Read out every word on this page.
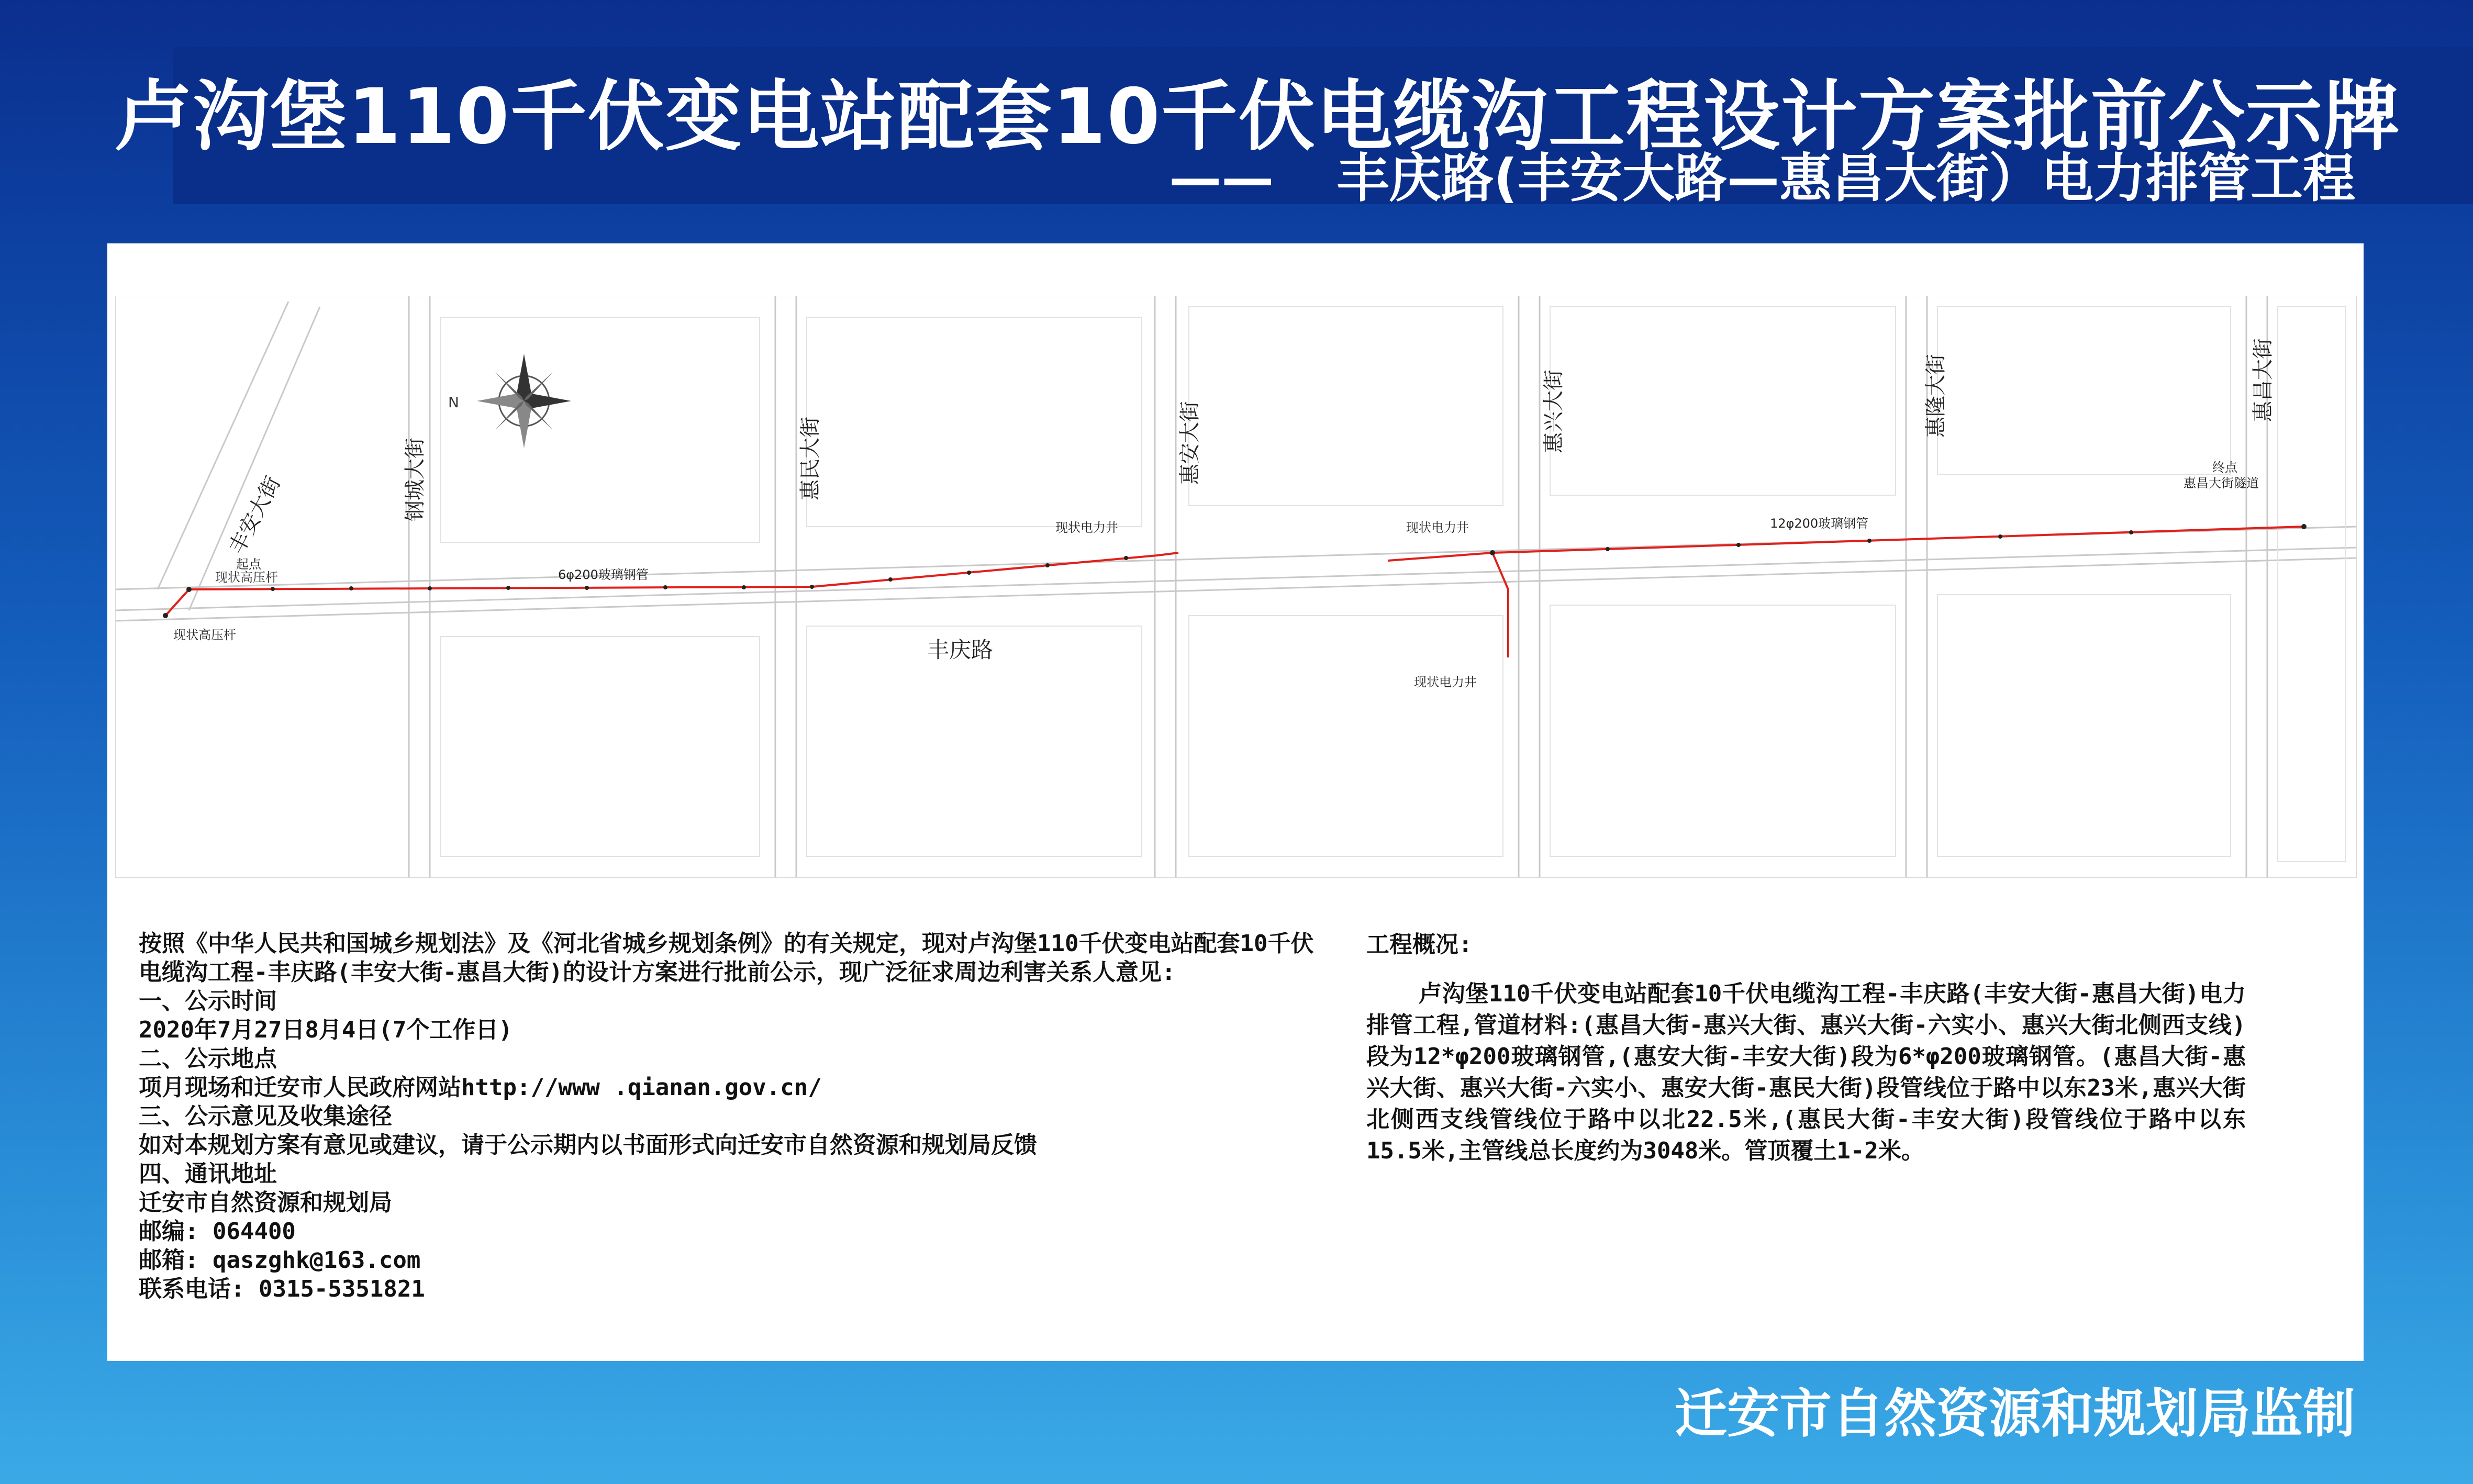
卢沟堡110千伏变电站配套10千伏电缆沟工程设计方案批前公示牌
—— 丰庆路(丰安大路—惠昌大街）电力排管工程
N
丰安大街	钢城大街	惠民大街	惠安大街	惠兴大街	惠隆大街	惠昌大街
丰庆路
起点
现状高压杆
现状高压杆
6φ200玻璃钢管
12φ200玻璃钢管
现状电力井	现状电力井
现状电力井
终点
惠昌大街隧道

按照《中华人民共和国城乡规划法》及《河北省城乡规划条例》的有关规定，现对卢沟堡110千伏变电站配套10千伏电缆沟工程-丰庆路(丰安大街-惠昌大街)的设计方案进行批前公示，现广泛征求周边利害关系人意见:

一、公示时间

2020年7月27日8月4日(7个工作日)

二、公示地点

项月现场和迁安市人民政府网站http://www .qianan.gov.cn/

三、公示意见及收集途径

如对本规划方案有意见或建议，请于公示期内以书面形式向迁安市自然资源和规划局反馈

四、通讯地址

迁安市自然资源和规划局

邮编: 064400

邮箱: qaszghk@163.com

联系电话: 0315-5351821

工程概况:

卢沟堡110千伏变电站配套10千伏电缆沟工程-丰庆路(丰安大街-惠昌大街)电力排管工程,管道材料:(惠昌大街-惠兴大街、惠兴大街-六实小、惠兴大街北侧西支线)段为12*φ200玻璃钢管,(惠安大街-丰安大街)段为6*φ200玻璃钢管。(惠昌大街-惠兴大街、惠兴大街-六实小、惠安大街-惠民大街)段管线位于路中以东23米,惠兴大街北侧西支线管线位于路中以北22.5米,(惠民大街-丰安大街)段管线位于路中以东15.5米,主管线总长度约为3048米。管顶覆土1-2米。

迁安市自然资源和规划局监制
